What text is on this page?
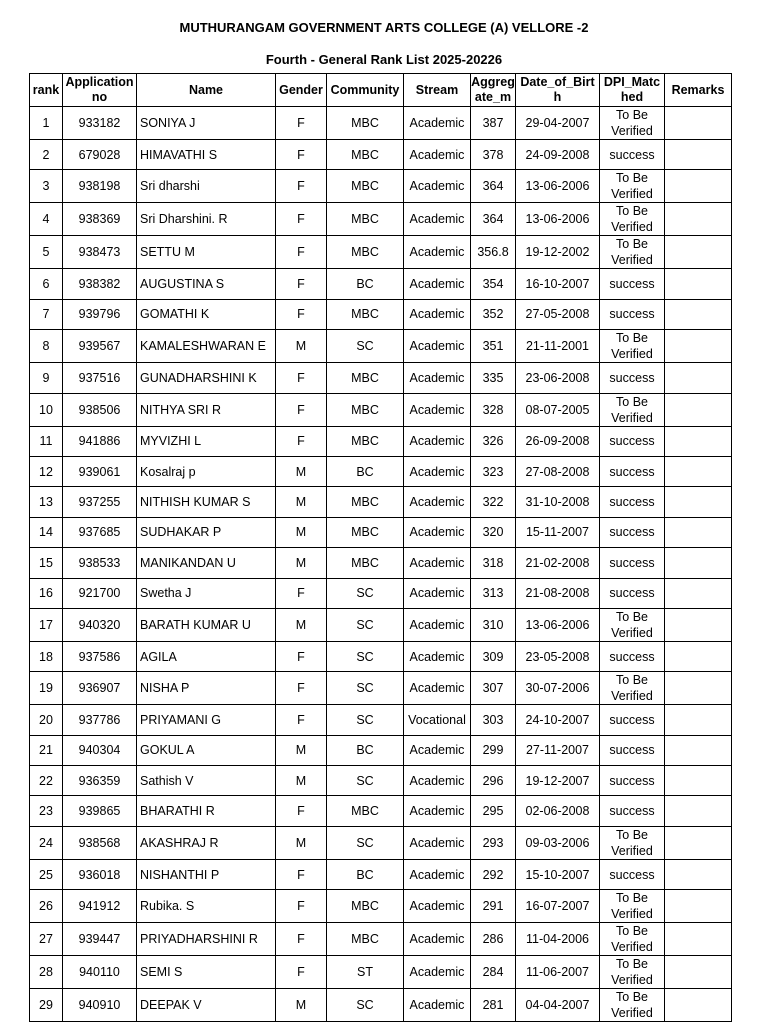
MUTHURANGAM GOVERNMENT ARTS COLLEGE (A) VELLORE -2
Fourth - General Rank List 2025-20226
rank	Application no	Name	Gender	Community	Stream	Aggreg ate_m	Date_of_Birt h	DPI_Matc hed	Remarks
1	933182	SONIYA J	F	MBC	Academic	387	29-04-2007	To Be Verified	
2	679028	HIMAVATHI S	F	MBC	Academic	378	24-09-2008	success	
3	938198	Sri dharshi	F	MBC	Academic	364	13-06-2006	To Be Verified	
4	938369	Sri Dharshini. R	F	MBC	Academic	364	13-06-2006	To Be Verified	
5	938473	SETTU M	F	MBC	Academic	356.8	19-12-2002	To Be Verified	
6	938382	AUGUSTINA S	F	BC	Academic	354	16-10-2007	success	
7	939796	GOMATHI K	F	MBC	Academic	352	27-05-2008	success	
8	939567	KAMALESHWARAN E	M	SC	Academic	351	21-11-2001	To Be Verified	
9	937516	GUNADHARSHINI K	F	MBC	Academic	335	23-06-2008	success	
10	938506	NITHYA SRI R	F	MBC	Academic	328	08-07-2005	To Be Verified	
11	941886	MYVIZHI L	F	MBC	Academic	326	26-09-2008	success	
12	939061	Kosalraj p	M	BC	Academic	323	27-08-2008	success	
13	937255	NITHISH KUMAR S	M	MBC	Academic	322	31-10-2008	success	
14	937685	SUDHAKAR P	M	MBC	Academic	320	15-11-2007	success	
15	938533	MANIKANDAN U	M	MBC	Academic	318	21-02-2008	success	
16	921700	Swetha J	F	SC	Academic	313	21-08-2008	success	
17	940320	BARATH KUMAR U	M	SC	Academic	310	13-06-2006	To Be Verified	
18	937586	AGILA	F	SC	Academic	309	23-05-2008	success	
19	936907	NISHA P	F	SC	Academic	307	30-07-2006	To Be Verified	
20	937786	PRIYAMANI G	F	SC	Vocational	303	24-10-2007	success	
21	940304	GOKUL A	M	BC	Academic	299	27-11-2007	success	
22	936359	Sathish V	M	SC	Academic	296	19-12-2007	success	
23	939865	BHARATHI R	F	MBC	Academic	295	02-06-2008	success	
24	938568	AKASHRAJ R	M	SC	Academic	293	09-03-2006	To Be Verified	
25	936018	NISHANTHI P	F	BC	Academic	292	15-10-2007	success	
26	941912	Rubika. S	F	MBC	Academic	291	16-07-2007	To Be Verified	
27	939447	PRIYADHARSHINI R	F	MBC	Academic	286	11-04-2006	To Be Verified	
28	940110	SEMI S	F	ST	Academic	284	11-06-2007	To Be Verified	
29	940910	DEEPAK V	M	SC	Academic	281	04-04-2007	To Be Verified	
